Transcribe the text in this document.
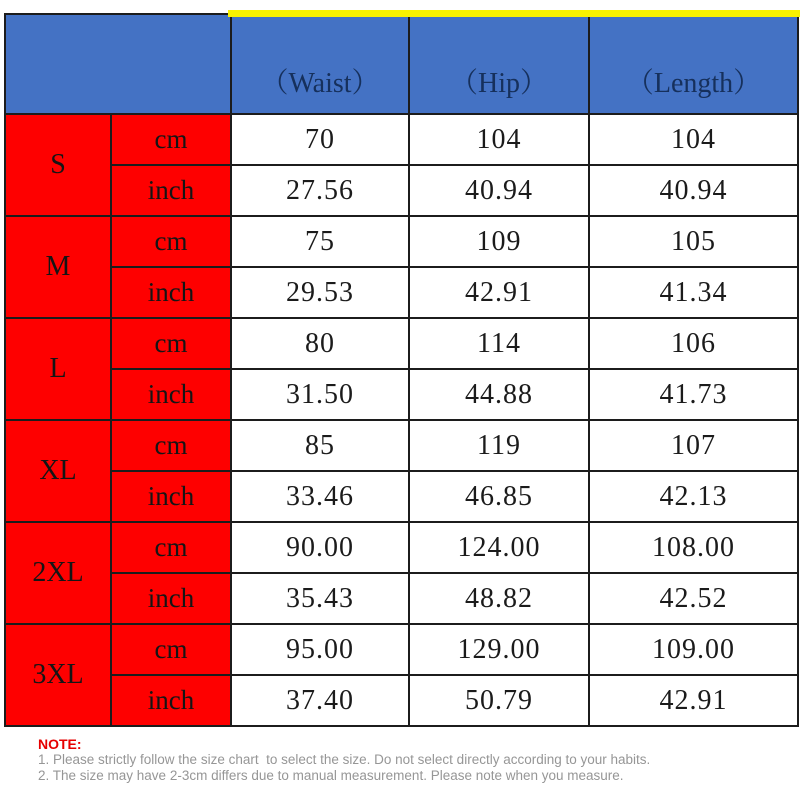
		（Waist）	（Hip）	（Length）
S	cm	70	104	104
	inch	27.56	40.94	40.94
M	cm	75	109	105
	inch	29.53	42.91	41.34
L	cm	80	114	106
	inch	31.50	44.88	41.73
XL	cm	85	119	107
	inch	33.46	46.85	42.13
2XL	cm	90.00	124.00	108.00
	inch	35.43	48.82	42.52
3XL	cm	95.00	129.00	109.00
	inch	37.40	50.79	42.91
NOTE:
1. Please strictly follow the size chart  to select the size. Do not select directly according to your habits.
2. The size may have 2-3cm differs due to manual measurement. Please note when you measure.
